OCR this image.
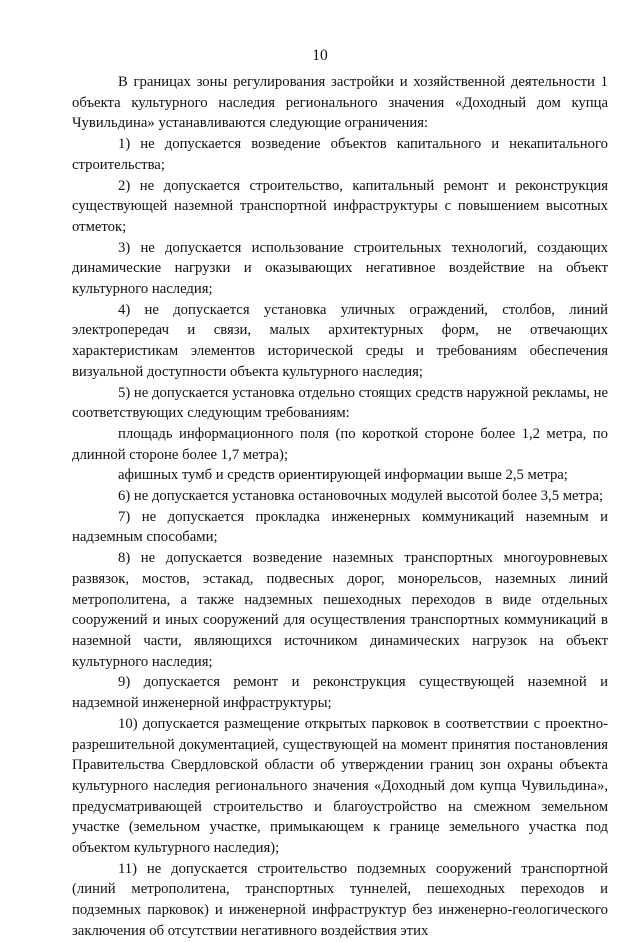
10

В границах зоны регулирования застройки и хозяйственной деятельности 1 объекта культурного наследия регионального значения «Доходный дом купца Чувильдина» устанавливаются следующие ограничения:

1) не допускается возведение объектов капитального и некапитального строительства;

2) не допускается строительство, капитальный ремонт и реконструкция существующей наземной транспортной инфраструктуры с повышением высотных отметок;

3) не допускается использование строительных технологий, создающих динамические нагрузки и оказывающих негативное воздействие на объект культурного наследия;

4) не допускается установка уличных ограждений, столбов, линий электропередач и связи, малых архитектурных форм, не отвечающих характеристикам элементов исторической среды и требованиям обеспечения визуальной доступности объекта культурного наследия;

5) не допускается установка отдельно стоящих средств наружной рекламы, не соответствующих следующим требованиям:

площадь информационного поля (по короткой стороне более 1,2 метра, по длинной стороне более 1,7 метра);

афишных тумб и средств ориентирующей информации выше 2,5 метра;

6) не допускается установка остановочных модулей высотой более 3,5 метра;

7) не допускается прокладка инженерных коммуникаций наземным и надземным способами;

8) не допускается возведение наземных транспортных многоуровневых развязок, мостов, эстакад, подвесных дорог, монорельсов, наземных линий метрополитена, а также надземных пешеходных переходов в виде отдельных сооружений и иных сооружений для осуществления транспортных коммуникаций в наземной части, являющихся источником динамических нагрузок на объект культурного наследия;

9) допускается ремонт и реконструкция существующей наземной и надземной инженерной инфраструктуры;

10) допускается размещение открытых парковок в соответствии с проектно-разрешительной документацией, существующей на момент принятия постановления Правительства Свердловской области об утверждении границ зон охраны объекта культурного наследия регионального значения «Доходный дом купца Чувильдина», предусматривающей строительство и благоустройство на смежном земельном участке (земельном участке, примыкающем к границе земельного участка под объектом культурного наследия);

11) не допускается строительство подземных сооружений транспортной (линий метрополитена, транспортных туннелей, пешеходных переходов и подземных парковок) и инженерной инфраструктур без инженерно-геологического заключения об отсутствии негативного воздействия этих
